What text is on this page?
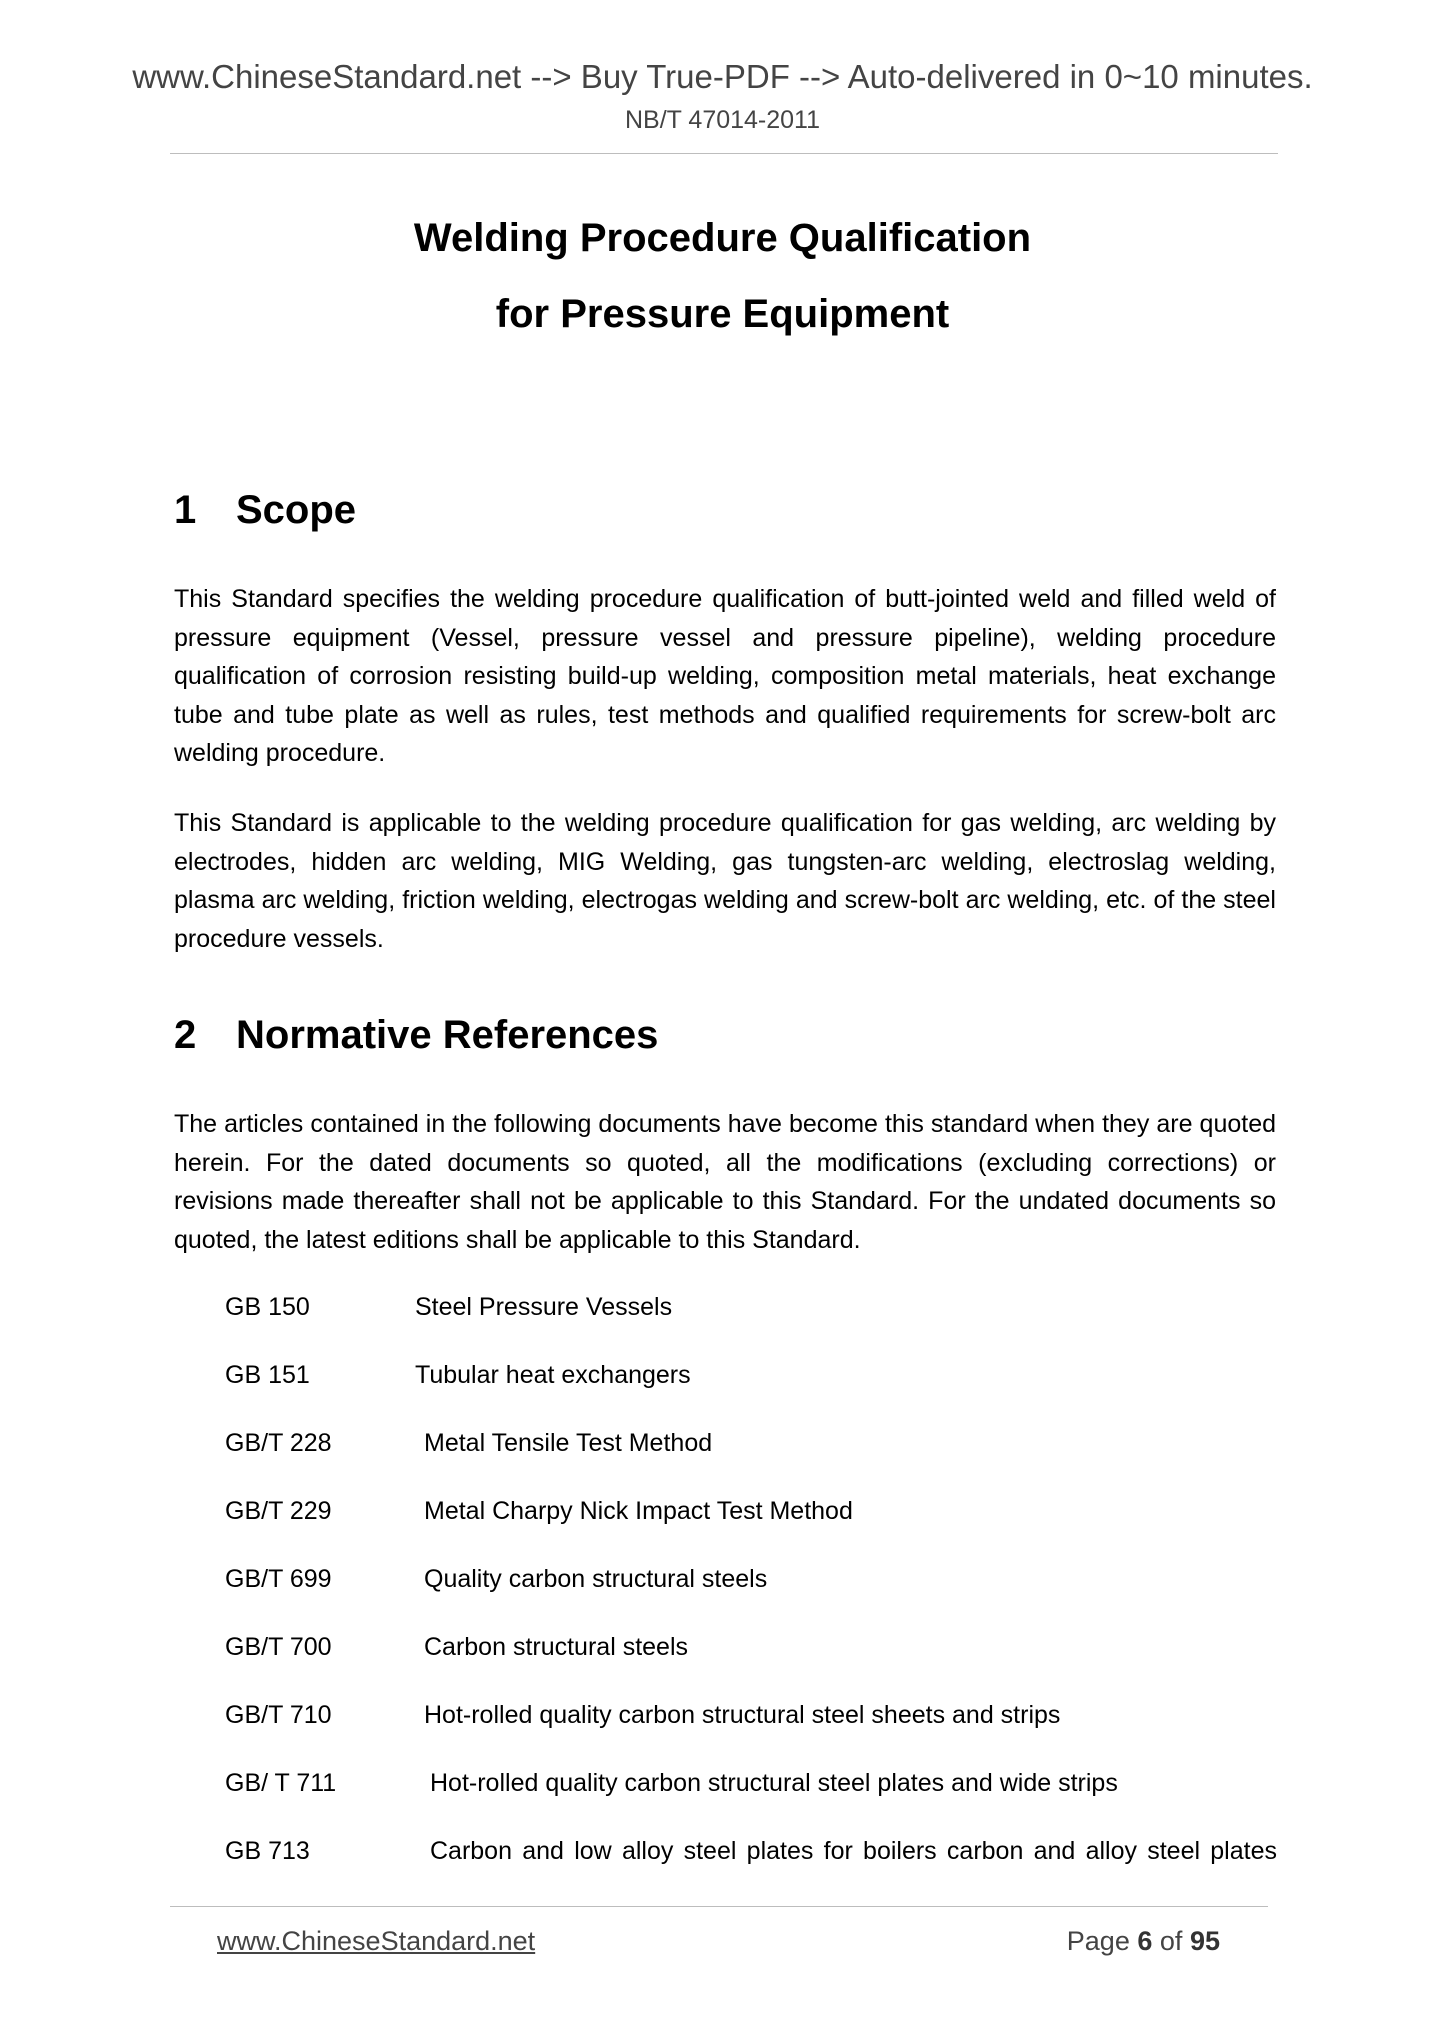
www.ChineseStandard.net --> Buy True-PDF --> Auto-delivered in 0~10 minutes.
NB/T 47014-2011
Welding Procedure Qualification
for Pressure Equipment
1 Scope

This Standard specifies the welding procedure qualification of butt-jointed weld and filled weld of pressure equipment (Vessel, pressure vessel and pressure pipeline), welding procedure qualification of corrosion resisting build-up welding, composition metal materials, heat exchange tube and tube plate as well as rules, test methods and qualified requirements for screw-bolt arc welding procedure.

This Standard is applicable to the welding procedure qualification for gas welding, arc welding by electrodes, hidden arc welding, MIG Welding, gas tungsten-arc welding, electroslag welding, plasma arc welding, friction welding, electrogas welding and screw-bolt arc welding, etc. of the steel procedure vessels.

2 Normative References

The articles contained in the following documents have become this standard when they are quoted herein. For the dated documents so quoted, all the modifications (excluding corrections) or revisions made thereafter shall not be applicable to this Standard. For the undated documents so quoted, the latest editions shall be applicable to this Standard.

GB 150	Steel Pressure Vessels
GB 151	Tubular heat exchangers
GB/T 228	Metal Tensile Test Method
GB/T 229	Metal Charpy Nick Impact Test Method
GB/T 699	Quality carbon structural steels
GB/T 700	Carbon structural steels
GB/T 710	Hot-rolled quality carbon structural steel sheets and strips
GB/ T 711	Hot-rolled quality carbon structural steel plates and wide strips
GB 713	Carbon and low alloy steel plates for boilers carbon and alloy steel plates
www.ChineseStandard.net	Page 6 of 95
